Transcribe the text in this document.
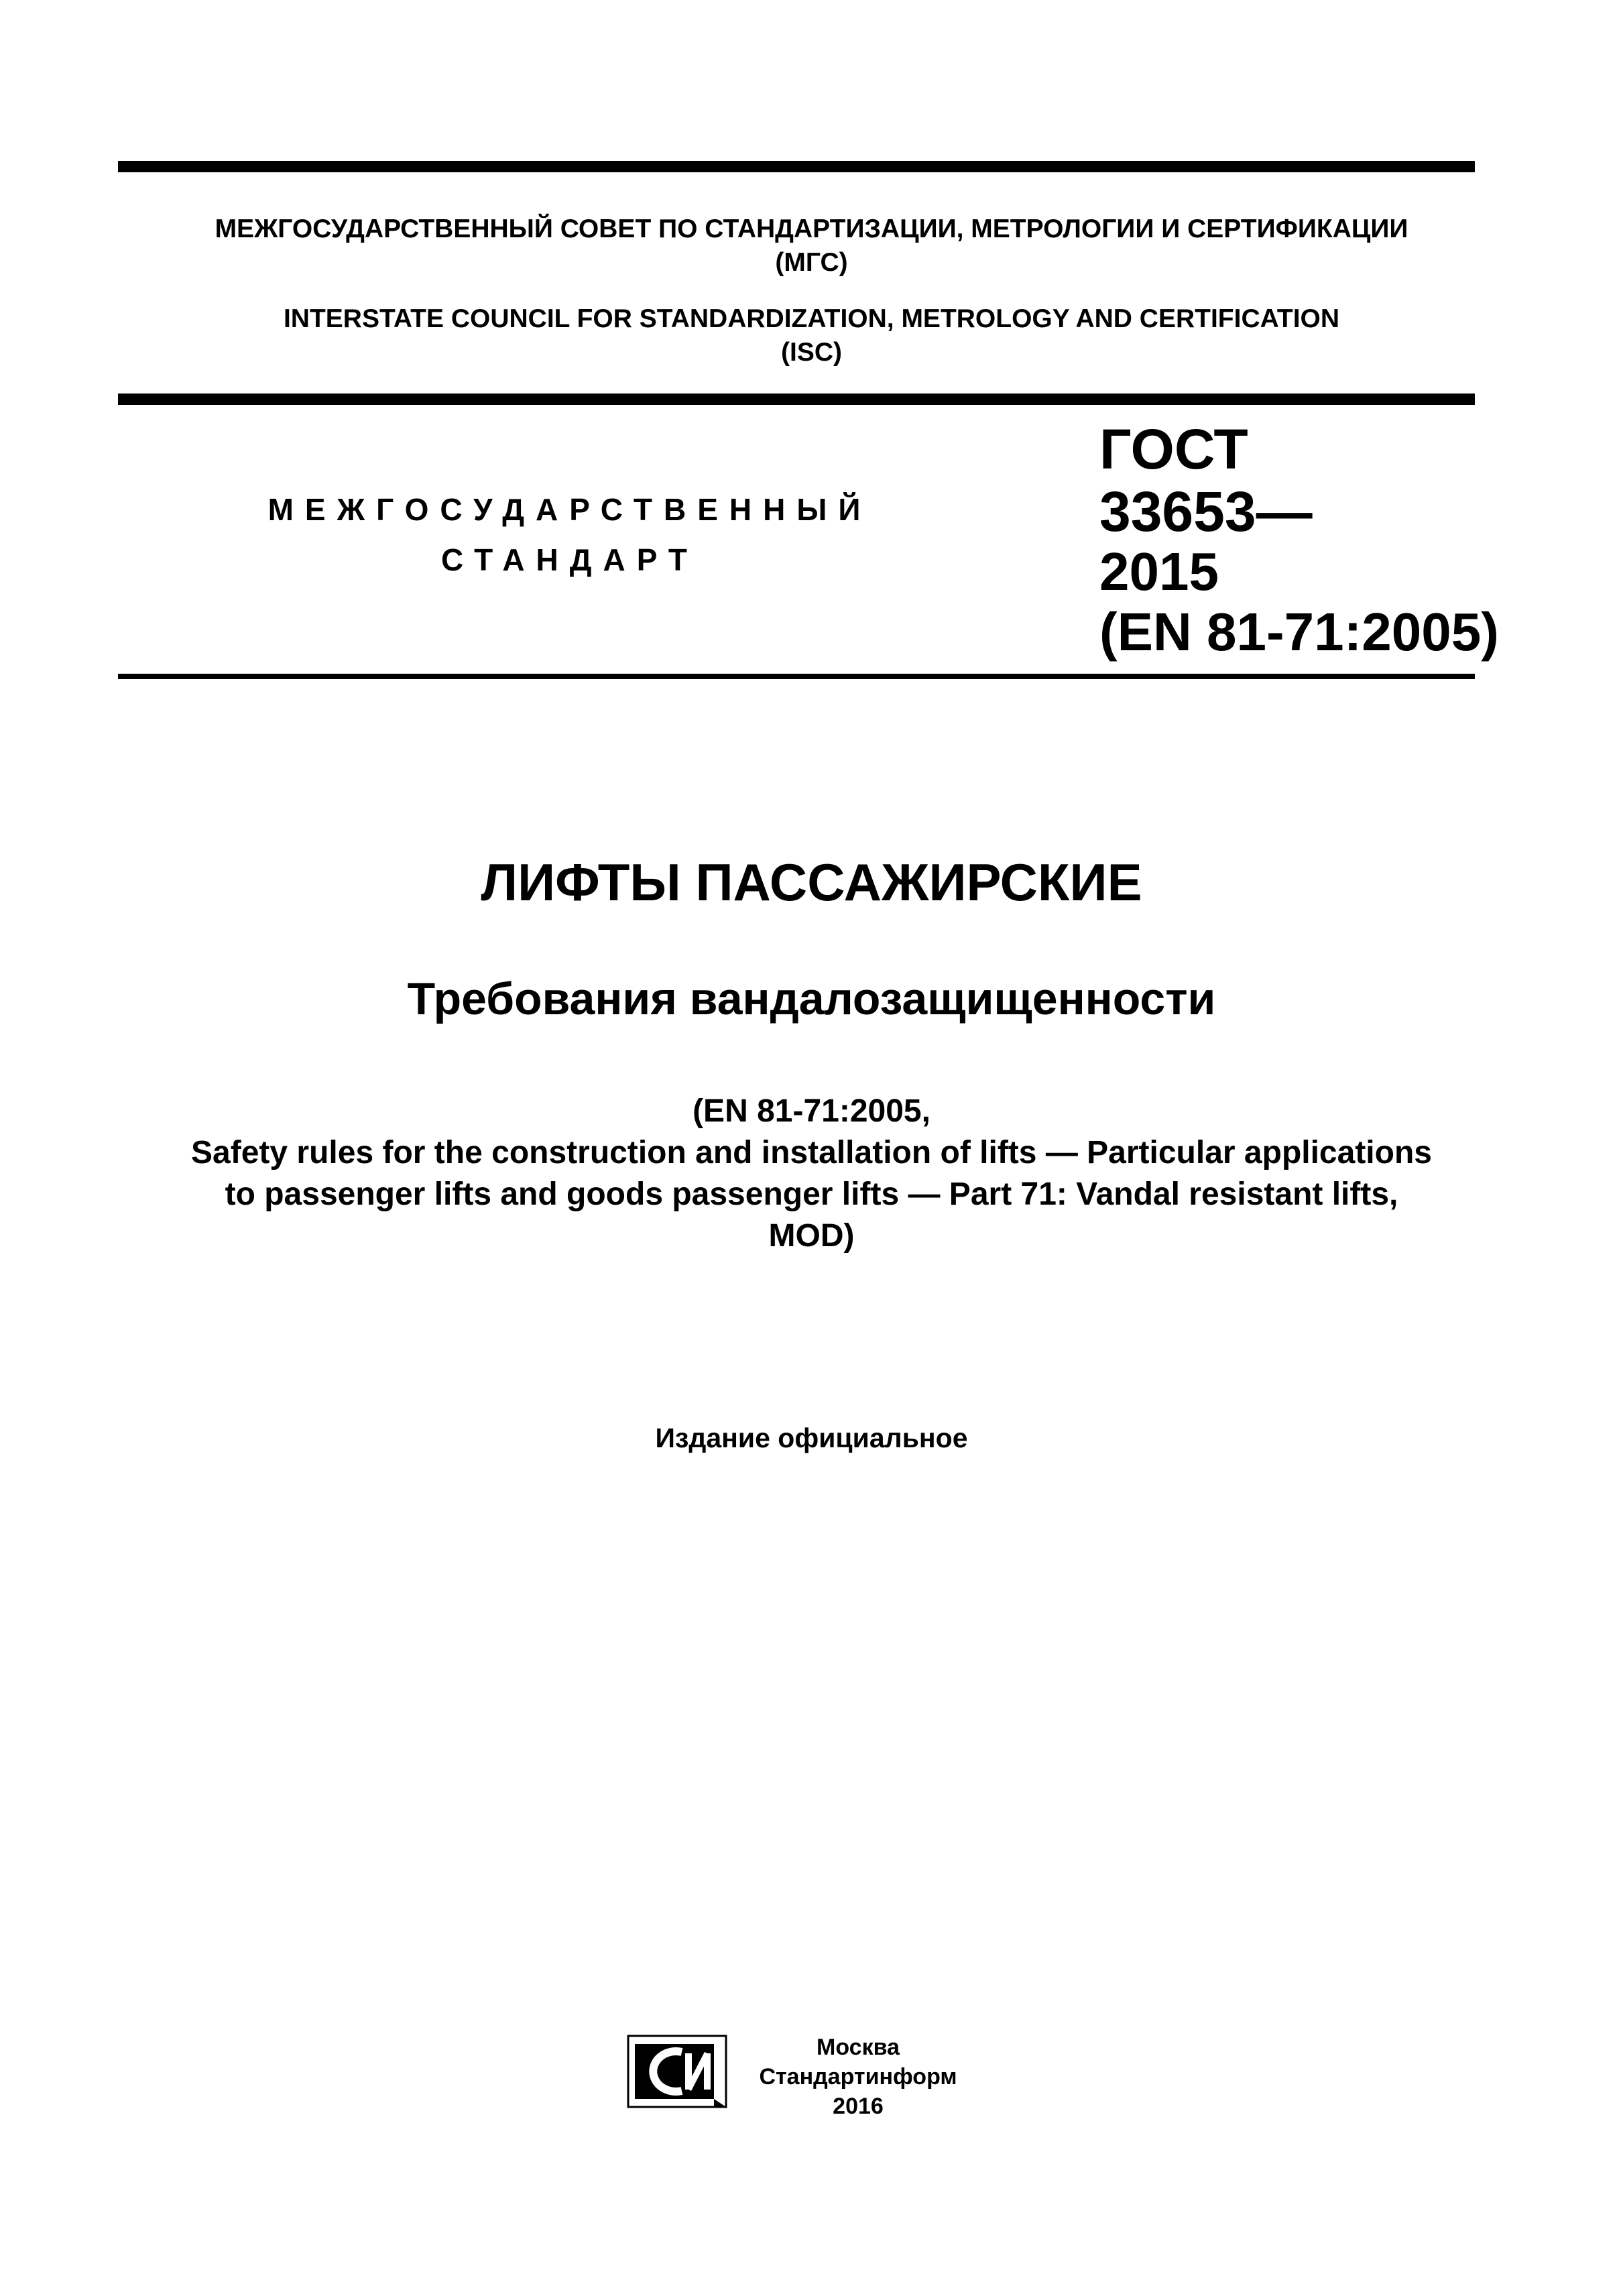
МЕЖГОСУДАРСТВЕННЫЙ СОВЕТ ПО СТАНДАРТИЗАЦИИ, МЕТРОЛОГИИ И СЕРТИФИКАЦИИ
(МГС)
INTERSTATE COUNCIL FOR STANDARDIZATION, METROLOGY AND CERTIFICATION
(ISC)
МЕЖГОСУДАРСТВЕННЫЙ
СТАНДАРТ
ГОСТ
33653—
2015
(EN 81-71:2005)
ЛИФТЫ ПАССАЖИРСКИЕ
Требования вандалозащищенности
(EN 81-71:2005,
Safety rules for the construction and installation of lifts — Particular applications
to passenger lifts and goods passenger lifts — Part 71: Vandal resistant lifts,
MOD)
Издание официальное
Москва
Стандартинформ
2016
